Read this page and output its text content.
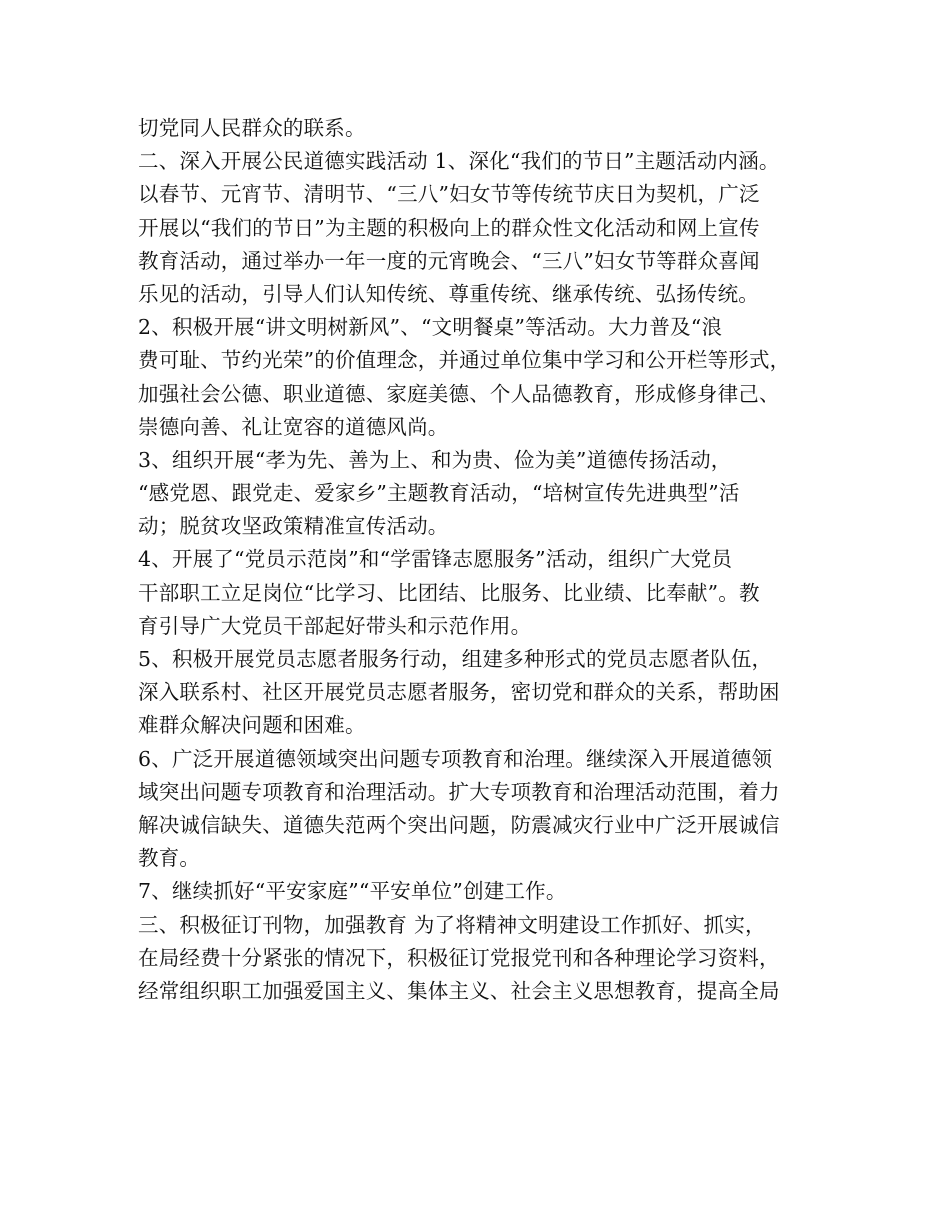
切党同人民群众的联系。
二、深入开展公民道德实践活动 1、深化“我们的节日”主题活动内涵。
以春节、元宵节、清明节、“三八”妇女节等传统节庆日为契机，广泛
开展以“我们的节日”为主题的积极向上的群众性文化活动和网上宣传
教育活动，通过举办一年一度的元宵晚会、“三八”妇女节等群众喜闻
乐见的活动，引导人们认知传统、尊重传统、继承传统、弘扬传统。
2、积极开展“讲文明树新风”、“文明餐桌”等活动。大力普及“浪
费可耻、节约光荣”的价值理念，并通过单位集中学习和公开栏等形式，
加强社会公德、职业道德、家庭美德、个人品德教育，形成修身律己、
崇德向善、礼让宽容的道德风尚。
3、组织开展“孝为先、善为上、和为贵、俭为美”道德传扬活动，
“感党恩、跟党走、爱家乡”主题教育活动，“培树宣传先进典型”活
动；脱贫攻坚政策精准宣传活动。
4、开展了“党员示范岗”和“学雷锋志愿服务”活动，组织广大党员
干部职工立足岗位“比学习、比团结、比服务、比业绩、比奉献”。教
育引导广大党员干部起好带头和示范作用。
5、积极开展党员志愿者服务行动，组建多种形式的党员志愿者队伍，
深入联系村、社区开展党员志愿者服务，密切党和群众的关系，帮助困
难群众解决问题和困难。
6、广泛开展道德领域突出问题专项教育和治理。继续深入开展道德领
域突出问题专项教育和治理活动。扩大专项教育和治理活动范围，着力
解决诚信缺失、道德失范两个突出问题，防震减灾行业中广泛开展诚信
教育。
7、继续抓好“平安家庭”“平安单位”创建工作。
三、积极征订刊物，加强教育 为了将精神文明建设工作抓好、抓实，
在局经费十分紧张的情况下，积极征订党报党刊和各种理论学习资料，
经常组织职工加强爱国主义、集体主义、社会主义思想教育，提高全局
